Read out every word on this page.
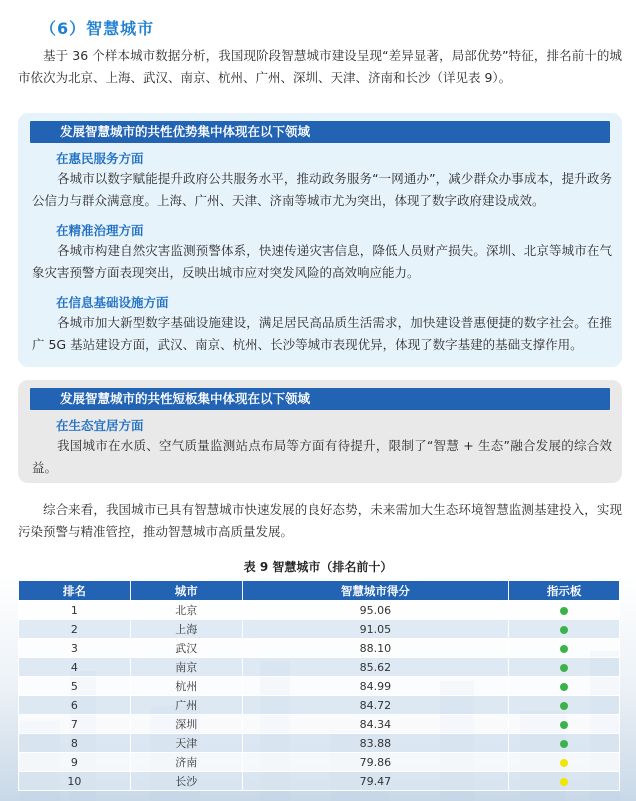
（6）智慧城市

基于 36 个样本城市数据分析，我国现阶段智慧城市建设呈现“差异显著，局部优势”特征，排名前十的城市依次为北京、上海、武汉、南京、杭州、广州、深圳、天津、济南和长沙（详见表 9）。

发展智慧城市的共性优势集中体现在以下领域
在惠民服务方面

各城市以数字赋能提升政府公共服务水平，推动政务服务“一网通办”，减少群众办事成本，提升政务公信力与群众满意度。上海、广州、天津、济南等城市尤为突出，体现了数字政府建设成效。

在精准治理方面

各城市构建自然灾害监测预警体系，快速传递灾害信息，降低人员财产损失。深圳、北京等城市在气象灾害预警方面表现突出，反映出城市应对突发风险的高效响应能力。

在信息基础设施方面

各城市加大新型数字基础设施建设，满足居民高品质生活需求，加快建设普惠便捷的数字社会。在推广 5G 基站建设方面，武汉、南京、杭州、长沙等城市表现优异，体现了数字基建的基础支撑作用。

发展智慧城市的共性短板集中体现在以下领域
在生态宜居方面

我国城市在水质、空气质量监测站点布局等方面有待提升，限制了“智慧 + 生态”融合发展的综合效益。

综合来看，我国城市已具有智慧城市快速发展的良好态势，未来需加大生态环境智慧监测基建投入，实现污染预警与精准管控，推动智慧城市高质量发展。

表 9 智慧城市（排名前十）
排名	城市	智慧城市得分	指示板
1	北京	95.06	
2	上海	91.05	
3	武汉	88.10	
4	南京	85.62	
5	杭州	84.99	
6	广州	84.72	
7	深圳	84.34	
8	天津	83.88	
9	济南	79.86	
10	长沙	79.47	
